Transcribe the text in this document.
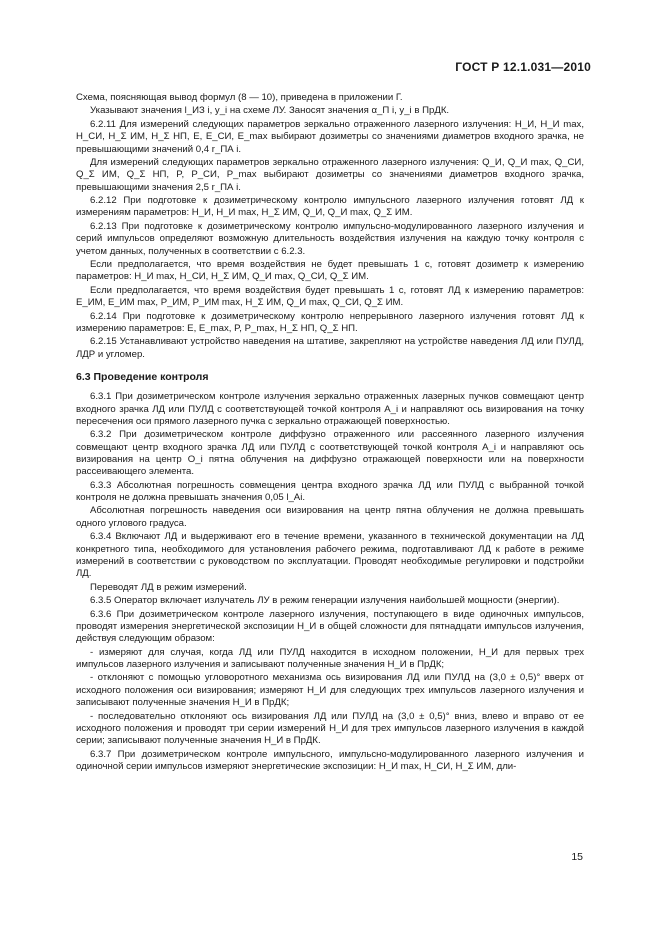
ГОСТ Р 12.1.031—2010

Схема, поясняющая вывод формул (8 — 10), приведена в приложении Г.

Указывают значения l_ИЗ i, y_i на схеме ЛУ. Заносят значения α_П i, y_i в ПрДК.

6.2.11 Для измерений следующих параметров зеркально отраженного лазерного излучения: H_И, H_И max, H_СИ, H_Σ ИМ, H_Σ НП, E, E_СИ, E_max выбирают дозиметры со значениями диаметров входного зрачка, не превышающими значений 0,4 r_ПА i.

Для измерений следующих параметров зеркально отраженного лазерного излучения: Q_И, Q_И max, Q_СИ, Q_Σ ИМ, Q_Σ НП, P, P_СИ, P_max выбирают дозиметры со значениями диаметров входного зрачка, превышающими значения 2,5 r_ПА i.

6.2.12 При подготовке к дозиметрическому контролю импульсного лазерного излучения готовят ЛД к измерениям параметров: H_И, H_И max, H_Σ ИМ, Q_И, Q_И max, Q_Σ ИМ.

6.2.13 При подготовке к дозиметрическому контролю импульсно-модулированного лазерного излучения и серий импульсов определяют возможную длительность воздействия излучения на каждую точку контроля с учетом данных, полученных в соответствии с 6.2.3.

Если предполагается, что время воздействия не будет превышать 1 с, готовят дозиметр к измерению параметров: H_И max, H_СИ, H_Σ ИМ, Q_И max, Q_СИ, Q_Σ ИМ.

Если предполагается, что время воздействия будет превышать 1 с, готовят ЛД к измерению параметров: E_ИМ, E_ИМ max, P_ИМ, P_ИМ max, H_Σ ИМ, Q_И max, Q_СИ, Q_Σ ИМ.

6.2.14 При подготовке к дозиметрическому контролю непрерывного лазерного излучения готовят ЛД к измерению параметров: E, E_max, P, P_max, H_Σ НП, Q_Σ НП.

6.2.15 Устанавливают устройство наведения на штативе, закрепляют на устройстве наведения ЛД или ПУЛД, ЛДР и угломер.

6.3 Проведение контроля

6.3.1 При дозиметрическом контроле излучения зеркально отраженных лазерных пучков совмещают центр входного зрачка ЛД или ПУЛД с соответствующей точкой контроля A_i и направляют ось визирования на точку пересечения оси прямого лазерного пучка с зеркально отражающей поверхностью.

6.3.2 При дозиметрическом контроле диффузно отраженного или рассеянного лазерного излучения совмещают центр входного зрачка ЛД или ПУЛД с соответствующей точкой контроля A_i и направляют ось визирования на центр O_i пятна облучения на диффузно отражающей поверхности или на поверхности рассеивающего элемента.

6.3.3 Абсолютная погрешность совмещения центра входного зрачка ЛД или ПУЛД с выбранной точкой контроля не должна превышать значения 0,05 l_Ai.

Абсолютная погрешность наведения оси визирования на центр пятна облучения не должна превышать одного углового градуса.

6.3.4 Включают ЛД и выдерживают его в течение времени, указанного в технической документации на ЛД конкретного типа, необходимого для установления рабочего режима, подготавливают ЛД к работе в режиме измерений в соответствии с руководством по эксплуатации. Проводят необходимые регулировки и подстройки ЛД.

Переводят ЛД в режим измерений.

6.3.5 Оператор включает излучатель ЛУ в режим генерации излучения наибольшей мощности (энергии).

6.3.6 При дозиметрическом контроле лазерного излучения, поступающего в виде одиночных импульсов, проводят измерения энергетической экспозиции H_И в общей сложности для пятнадцати импульсов излучения, действуя следующим образом:

- измеряют для случая, когда ЛД или ПУЛД находится в исходном положении, H_И для первых трех импульсов лазерного излучения и записывают полученные значения H_И в ПрДК;

- отклоняют с помощью угловоротного механизма ось визирования ЛД или ПУЛД на (3,0 ± 0,5)° вверх от исходного положения оси визирования; измеряют H_И для следующих трех импульсов лазерного излучения и записывают полученные значения H_И в ПрДК;

- последовательно отклоняют ось визирования ЛД или ПУЛД на (3,0 ± 0,5)° вниз, влево и вправо от ее исходного положения и проводят три серии измерений H_И для трех импульсов лазерного излучения в каждой серии; записывают полученные значения H_И в ПрДК.

6.3.7 При дозиметрическом контроле импульсного, импульсно-модулированного лазерного излучения и одиночной серии импульсов измеряют энергетические экспозиции: H_И max, H_СИ, H_Σ ИМ, дли-

15
